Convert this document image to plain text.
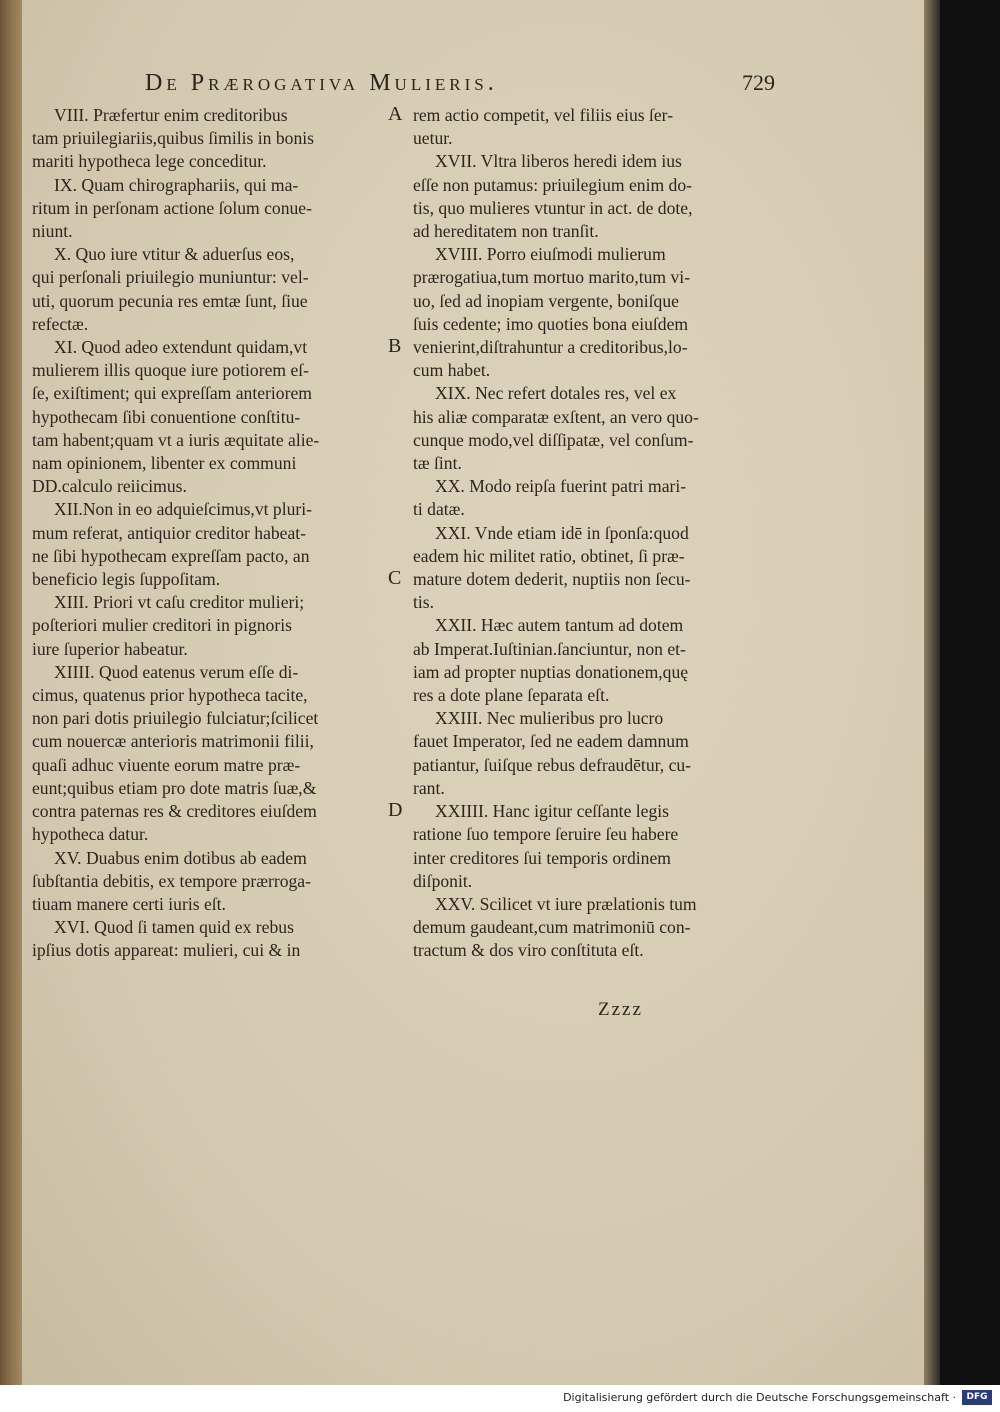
De Prærogativa Mulieris.	729
VIII. Præfertur enim creditoribus
tam priuilegiariis,quibus ſimilis in bonis
mariti hypotheca lege conceditur.
IX. Quam chirographariis, qui ma-
ritum in perſonam actione ſolum conue-
niunt.
X. Quo iure vtitur & aduerſus eos,
qui perſonali priuilegio muniuntur: vel-
uti, quorum pecunia res emtæ ſunt, ſiue
refectæ.
XI. Quod adeo extendunt quidam,vt
mulierem illis quoque iure potiorem eſ-
ſe, exiſtiment; qui expreſſam anteriorem
hypothecam ſibi conuentione conſtitu-
tam habent;quam vt a iuris æquitate alie-
nam opinionem, libenter ex communi
DD.calculo reiicimus.
XII.Non in eo adquieſcimus,vt pluri-
mum referat, antiquior creditor habeat-
ne ſibi hypothecam expreſſam pacto, an
beneficio legis ſuppoſitam.
XIII. Priori vt caſu creditor mulieri;
poſteriori mulier creditori in pignoris
iure ſuperior habeatur.
XIIII. Quod eatenus verum eſſe di-
cimus, quatenus prior hypotheca tacite,
non pari dotis priuilegio fulciatur;ſcilicet
cum nouercæ anterioris matrimonii filii,
quaſi adhuc viuente eorum matre præ-
eunt;quibus etiam pro dote matris ſuæ,&
contra paternas res & creditores eiuſdem
hypotheca datur.
XV. Duabus enim dotibus ab eadem
ſubſtantia debitis, ex tempore prærroga-
tiuam manere certi iuris eſt.
XVI. Quod ſi tamen quid ex rebus
ipſius dotis appareat: mulieri, cui & in
rem actio competit, vel filiis eius ſer-
uetur.
XVII. Vltra liberos heredi idem ius
eſſe non putamus: priuilegium enim do-
tis, quo mulieres vtuntur in act. de dote,
ad hereditatem non tranſit.
XVIII. Porro eiuſmodi mulierum
prærogatiua,tum mortuo marito,tum vi-
uo, ſed ad inopiam vergente, boniſque
ſuis cedente; imo quoties bona eiuſdem
venierint,diſtrahuntur a creditoribus,lo-
cum habet.
XIX. Nec refert dotales res, vel ex
his aliæ comparatæ exſtent, an vero quo-
cunque modo,vel diſſipatæ, vel conſum-
tæ ſint.
XX. Modo reipſa fuerint patri mari-
ti datæ.
XXI. Vnde etiam idē in ſponſa:quod
eadem hic militet ratio, obtinet, ſi præ-
mature dotem dederit, nuptiis non ſecu-
tis.
XXII. Hæc autem tantum ad dotem
ab Imperat.Iuſtinian.ſanciuntur, non et-
iam ad propter nuptias donationem,quę
res a dote plane ſeparata eſt.
XXIII. Nec mulieribus pro lucro
fauet Imperator, ſed ne eadem damnum
patiantur, ſuiſque rebus defraudētur, cu-
rant.
XXIIII. Hanc igitur ceſſante legis
ratione ſuo tempore ſeruire ſeu habere
inter creditores ſui temporis ordinem
diſponit.
XXV. Scilicet vt iure prælationis tum
demum gaudeant,cum matrimoniū con-
tractum & dos viro conſtituta eſt.
A
B
C
D
Zzzz
Digitalisierung gefördert durch die Deutsche Forschungsgemeinschaft ·	DFG
